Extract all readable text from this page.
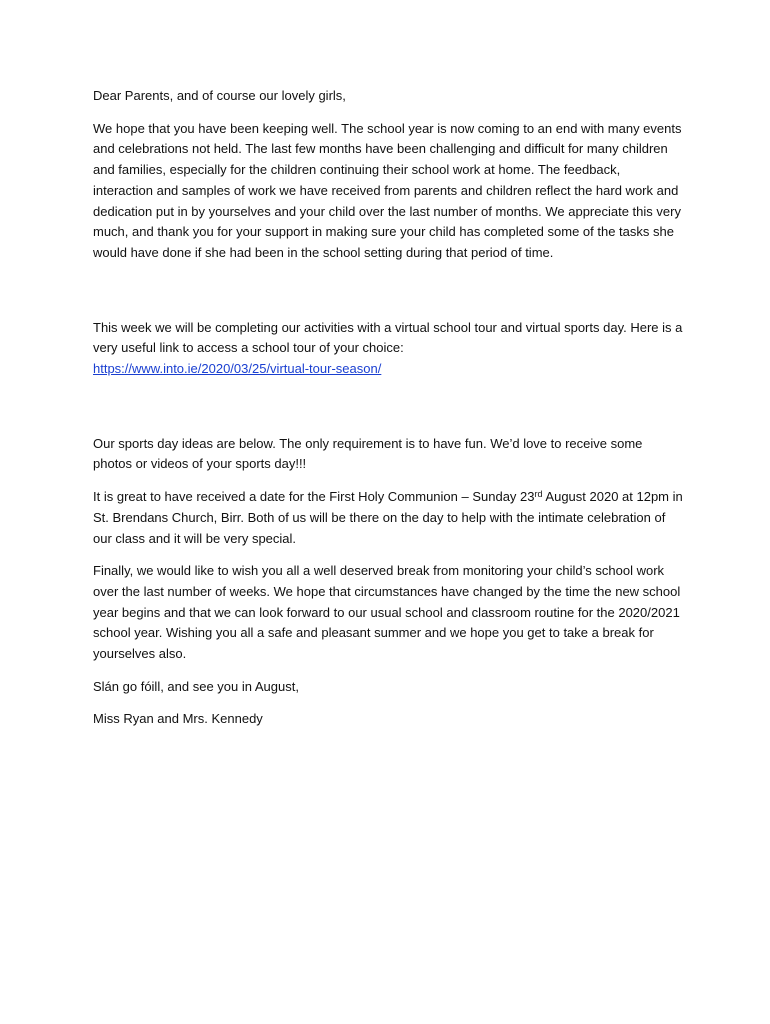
Dear Parents, and of course our lovely girls,

We hope that you have been keeping well. The school year is now coming to an end with many events and celebrations not held. The last few months have been challenging and difficult for many children and families, especially for the children continuing their school work at home. The feedback, interaction and samples of work we have received from parents and children reflect the hard work and dedication put in by yourselves and your child over the last number of months. We appreciate this very much, and thank you for your support in making sure your child has completed some of the tasks she would have done if she had been in the school setting during that period of time.

This week we will be completing our activities with a virtual school tour and virtual sports day. Here is a very useful link to access a school tour of your choice:
https://www.into.ie/2020/03/25/virtual-tour-season/

Our sports day ideas are below. The only requirement is to have fun. We’d love to receive some photos or videos of your sports day!!!

It is great to have received a date for the First Holy Communion – Sunday 23rd August 2020 at 12pm in St. Brendans Church, Birr. Both of us will be there on the day to help with the intimate celebration of our class and it will be very special.

Finally, we would like to wish you all a well deserved break from monitoring your child’s school work over the last number of weeks. We hope that circumstances have changed by the time the new school year begins and that we can look forward to our usual school and classroom routine for the 2020/2021 school year. Wishing you all a safe and pleasant summer and we hope you get to take a break for yourselves also.

Slán go fóill, and see you in August,

Miss Ryan and Mrs. Kennedy
